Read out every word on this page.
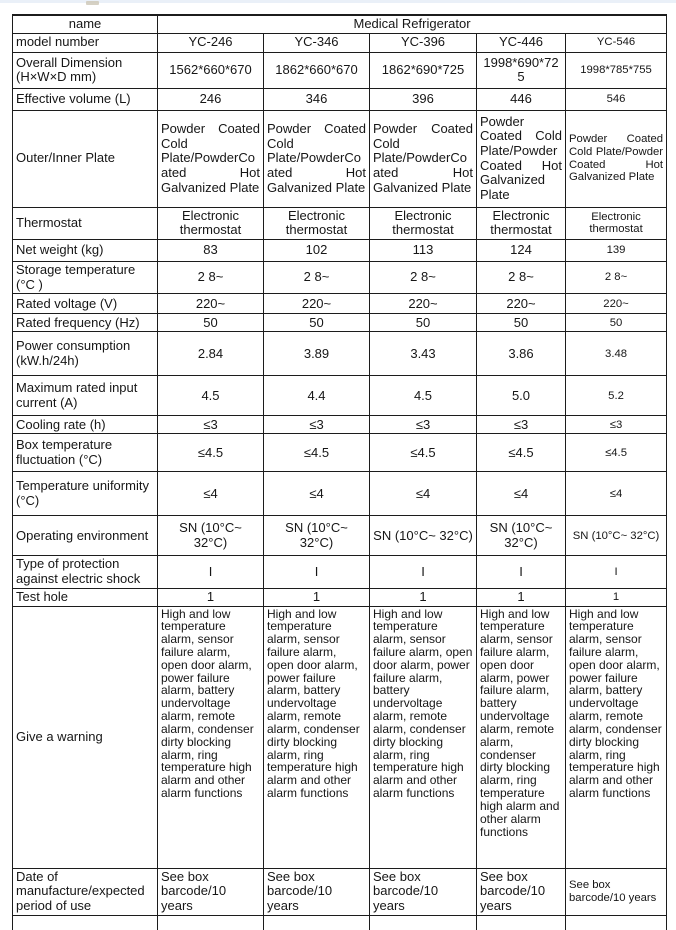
name	Medical Refrigerator				
model number	YC-246	YC-346	YC-396	YC-446	YC-546
Overall Dimension (H×W×D mm)	1562*660*670	1862*660*670	1862*690*725	1998*690*725	1998*785*755
Effective volume (L)	246	346	396	446	546
Outer/Inner Plate	Powder Coated Cold Plate/PowderCoated Hot Galvanized Plate	Powder Coated Cold Plate/PowderCoated Hot Galvanized Plate	Powder Coated Cold Plate/PowderCoated Hot Galvanized Plate	Powder Coated Cold Plate/Powder Coated Hot Galvanized Plate	Powder Coated Cold Plate/Powder Coated Hot Galvanized Plate
Thermostat	Electronic thermostat	Electronic thermostat	Electronic thermostat	Electronic thermostat	Electronic thermostat
Net weight (kg)	83	102	113	124	139
Storage temperature (°C )	2 8~	2 8~	2 8~	2 8~	2 8~
Rated voltage (V)	220~	220~	220~	220~	220~
Rated frequency (Hz)	50	50	50	50	50
Power consumption (kW.h/24h)	2.84	3.89	3.43	3.86	3.48
Maximum rated input current (A)	4.5	4.4	4.5	5.0	5.2
Cooling rate (h)	≤3	≤3	≤3	≤3	≤3
Box temperature fluctuation (°C)	≤4.5	≤4.5	≤4.5	≤4.5	≤4.5
Temperature uniformity (°C)	≤4	≤4	≤4	≤4	≤4
Operating environment	SN (10°C~ 32°C)	SN (10°C~ 32°C)	SN (10°C~ 32°C)	SN (10°C~ 32°C)	SN (10°C~ 32°C)
Type of protection against electric shock	I	I	I	I	I
Test hole	1	1	1	1	1
Give a warning	High and low temperature alarm, sensor failure alarm, open door alarm, power failure alarm, battery undervoltage alarm, remote alarm, condenser dirty blocking alarm, ring temperature high alarm and other alarm functions	High and low temperature alarm, sensor failure alarm, open door alarm, power failure alarm, battery undervoltage alarm, remote alarm, condenser dirty blocking alarm, ring temperature high alarm and other alarm functions	High and low temperature alarm, sensor failure alarm, open door alarm, power failure alarm, battery undervoltage alarm, remote alarm, condenser dirty blocking alarm, ring temperature high alarm and other alarm functions	High and low temperature alarm, sensor failure alarm, open door alarm, power failure alarm, battery undervoltage alarm, remote alarm, condenser dirty blocking alarm, ring temperature high alarm and other alarm functions	High and low temperature alarm, sensor failure alarm, open door alarm, power failure alarm, battery undervoltage alarm, remote alarm, condenser dirty blocking alarm, ring temperature high alarm and other alarm functions
Date of manufacture/expected period of use	See box barcode/10 years	See box barcode/10 years	See box barcode/10 years	See box barcode/10 years	See box barcode/10 years
